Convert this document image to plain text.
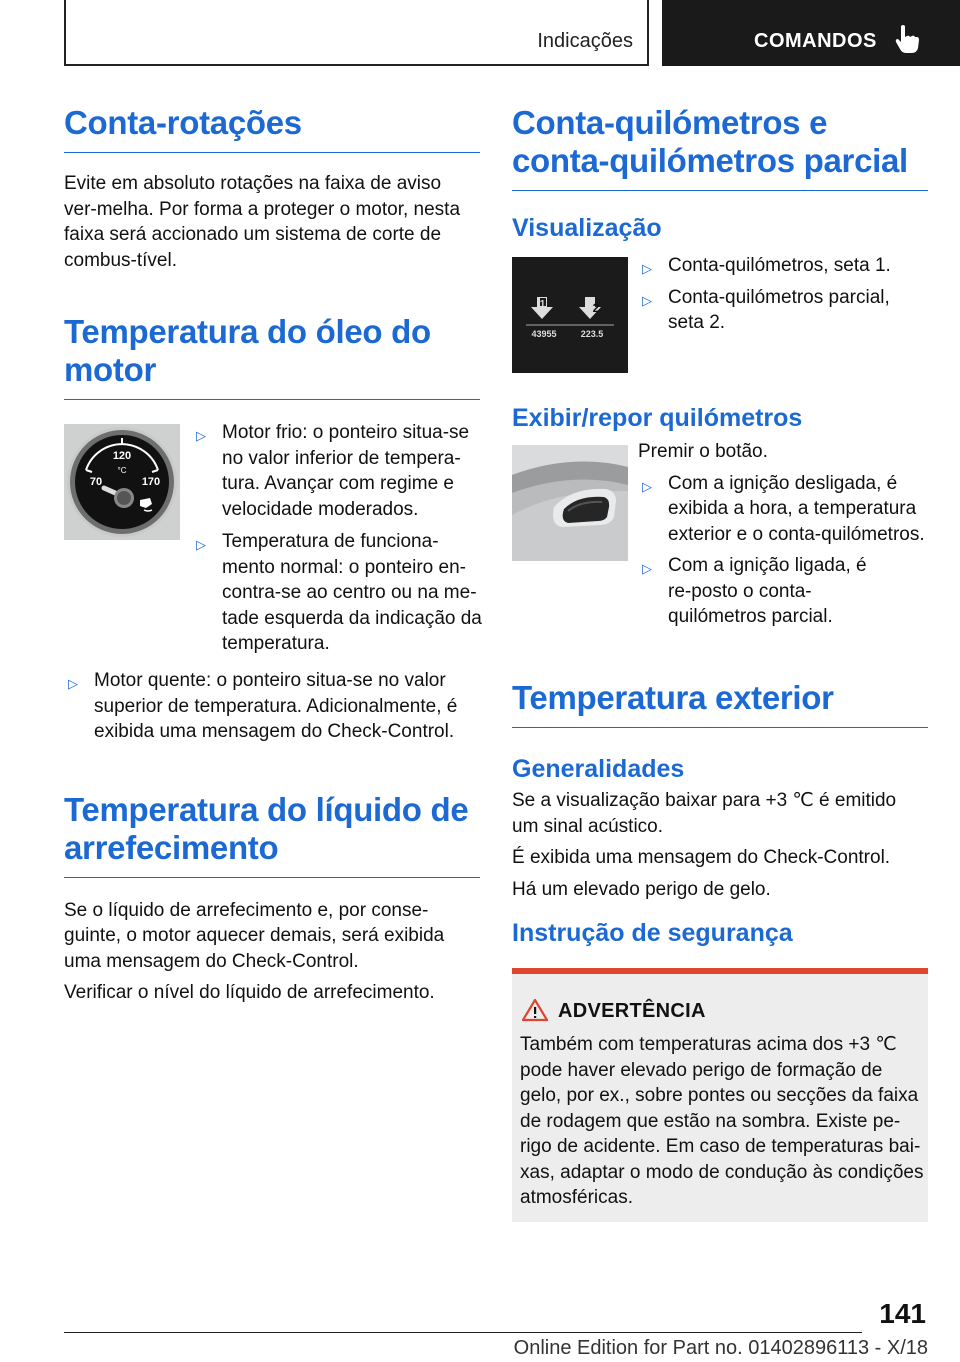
Indicações	COMANDOS
Conta-rotações

Evite em absoluto rotações na faixa de aviso ver-melha. Por forma a proteger o motor, nesta faixa será accionado um sistema de corte de combus-tível.

Temperatura do óleo do
motor
120
°C
70	170
▷ Motor frio: o ponteiro situa-se no valor inferior de tempera-tura. Avançar com regime e velocidade moderados.
▷ Temperatura de funciona-mento normal: o ponteiro en-contra-se ao centro ou na me-tade esquerda da indicação da temperatura.
▷ Motor quente: o ponteiro situa-se no valor superior de temperatura. Adicionalmente, é exibida uma mensagem do Check-Control.
Temperatura do líquido de
arrefecimento

Se o líquido de arrefecimento e, por conse-guinte, o motor aquecer demais, será exibida uma mensagem do Check-Control.

Verificar o nível do líquido de arrefecimento.

Conta-quilómetros e
conta-quilómetros parcial
Visualização
1	2
43955	223.5
▷ Conta-quilómetros, seta 1.
▷ Conta-quilómetros parcial, seta 2.
Exibir/repor quilómetros

Premir o botão.

▷ Com a ignição desligada, é exibida a hora, a temperatura exterior e o conta-quilómetros.
▷ Com a ignição ligada, é re-posto o conta-quilómetros parcial.
Temperatura exterior
Generalidades

Se a visualização baixar para +3 ℃ é emitido um sinal acústico.

É exibida uma mensagem do Check-Control.

Há um elevado perigo de gelo.

Instrução de segurança
ADVERTÊNCIA

Também com temperaturas acima dos +3 ℃ pode haver elevado perigo de formação de gelo, por ex., sobre pontes ou secções da faixa de rodagem que estão na sombra. Existe pe-rigo de acidente. Em caso de temperaturas bai-xas, adaptar o modo de condução às condições atmosféricas.

141
Online Edition for Part no. 01402896113 - X/18
